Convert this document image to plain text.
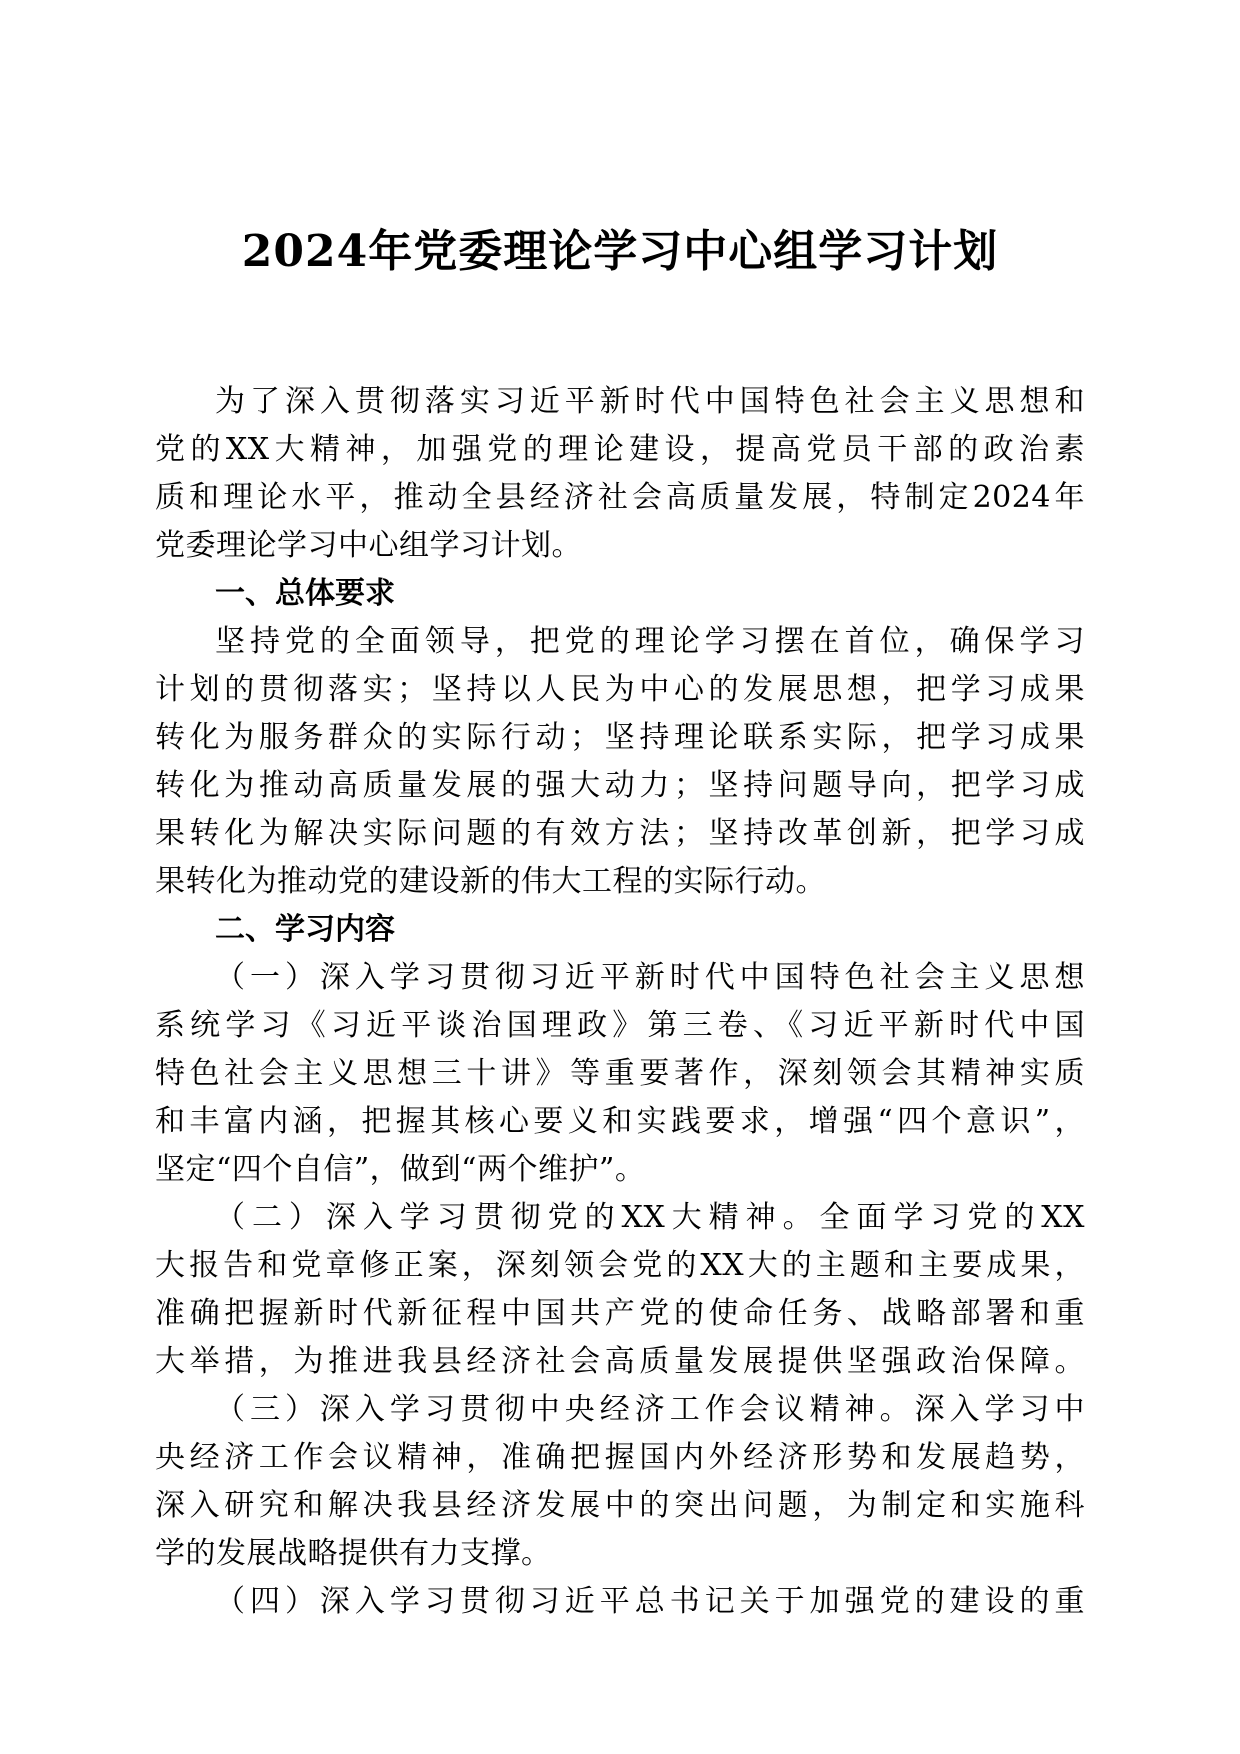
2024年党委理论学习中心组学习计划

为了深入贯彻落实习近平新时代中国特色社会主义思想和

党的XX大精神，加强党的理论建设，提高党员干部的政治素

质和理论水平，推动全县经济社会高质量发展，特制定2024年

党委理论学习中心组学习计划。

一、总体要求

坚持党的全面领导，把党的理论学习摆在首位，确保学习

计划的贯彻落实；坚持以人民为中心的发展思想，把学习成果

转化为服务群众的实际行动；坚持理论联系实际，把学习成果

转化为推动高质量发展的强大动力；坚持问题导向，把学习成

果转化为解决实际问题的有效方法；坚持改革创新，把学习成

果转化为推动党的建设新的伟大工程的实际行动。

二、学习内容

（一）深入学习贯彻习近平新时代中国特色社会主义思想

系统学习《习近平谈治国理政》第三卷、《习近平新时代中国

特色社会主义思想三十讲》等重要著作，深刻领会其精神实质

和丰富内涵，把握其核心要义和实践要求，增强“四个意识”，

坚定“四个自信”，做到“两个维护”。

（二）深入学习贯彻党的XX大精神。全面学习党的XX

大报告和党章修正案，深刻领会党的XX大的主题和主要成果，

准确把握新时代新征程中国共产党的使命任务、战略部署和重

大举措，为推进我县经济社会高质量发展提供坚强政治保障。

（三）深入学习贯彻中央经济工作会议精神。深入学习中

央经济工作会议精神，准确把握国内外经济形势和发展趋势，

深入研究和解决我县经济发展中的突出问题，为制定和实施科

学的发展战略提供有力支撑。

（四）深入学习贯彻习近平总书记关于加强党的建设的重
